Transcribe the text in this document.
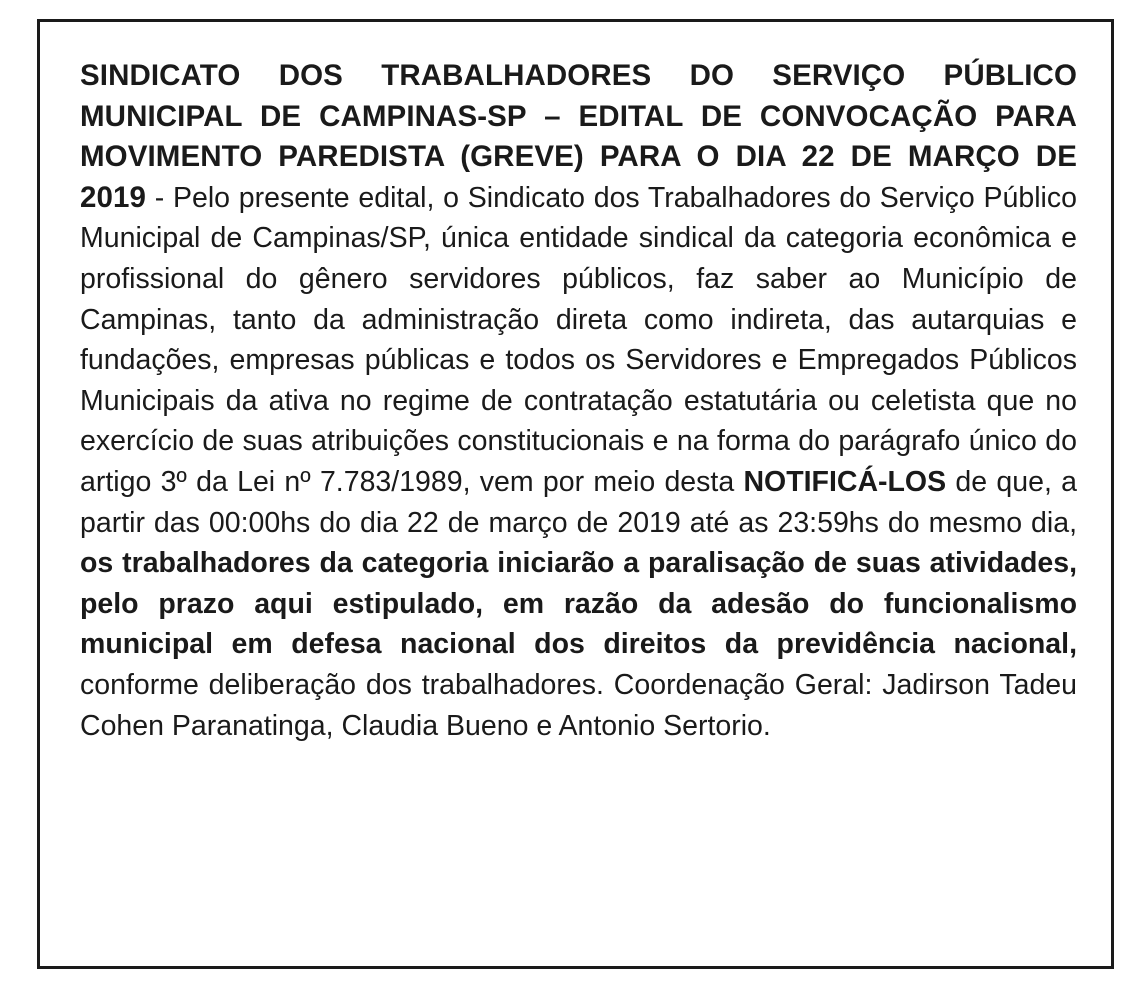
SINDICATO DOS TRABALHADORES DO SERVIÇO PÚBLICO MUNICIPAL DE CAMPINAS-SP – EDITAL DE CONVOCAÇÃO PARA MOVIMENTO PAREDISTA (GREVE) PARA O DIA 22 DE MARÇO DE 2019 - Pelo presente edital, o Sindicato dos Trabalhadores do Serviço Público Municipal de Campinas/SP, única entidade sindical da categoria econômica e profissional do gênero servidores públicos, faz saber ao Município de Campinas, tanto da administração direta como indireta, das autarquias e fundações, empresas públicas e todos os Servidores e Empregados Públicos Municipais da ativa no regime de contratação estatutária ou celetista que no exercício de suas atribuições constitucionais e na forma do parágrafo único do artigo 3º da Lei nº 7.783/1989, vem por meio desta NOTIFICÁ-LOS de que, a partir das 00:00hs do dia 22 de março de 2019 até as 23:59hs do mesmo dia, os trabalhadores da categoria iniciarão a paralisação de suas atividades, pelo prazo aqui estipulado, em razão da adesão do funcionalismo municipal em defesa nacional dos direitos da previdência nacional, conforme deliberação dos trabalhadores. Coordenação Geral: Jadirson Tadeu Cohen Paranatinga, Claudia Bueno e Antonio Sertorio.
